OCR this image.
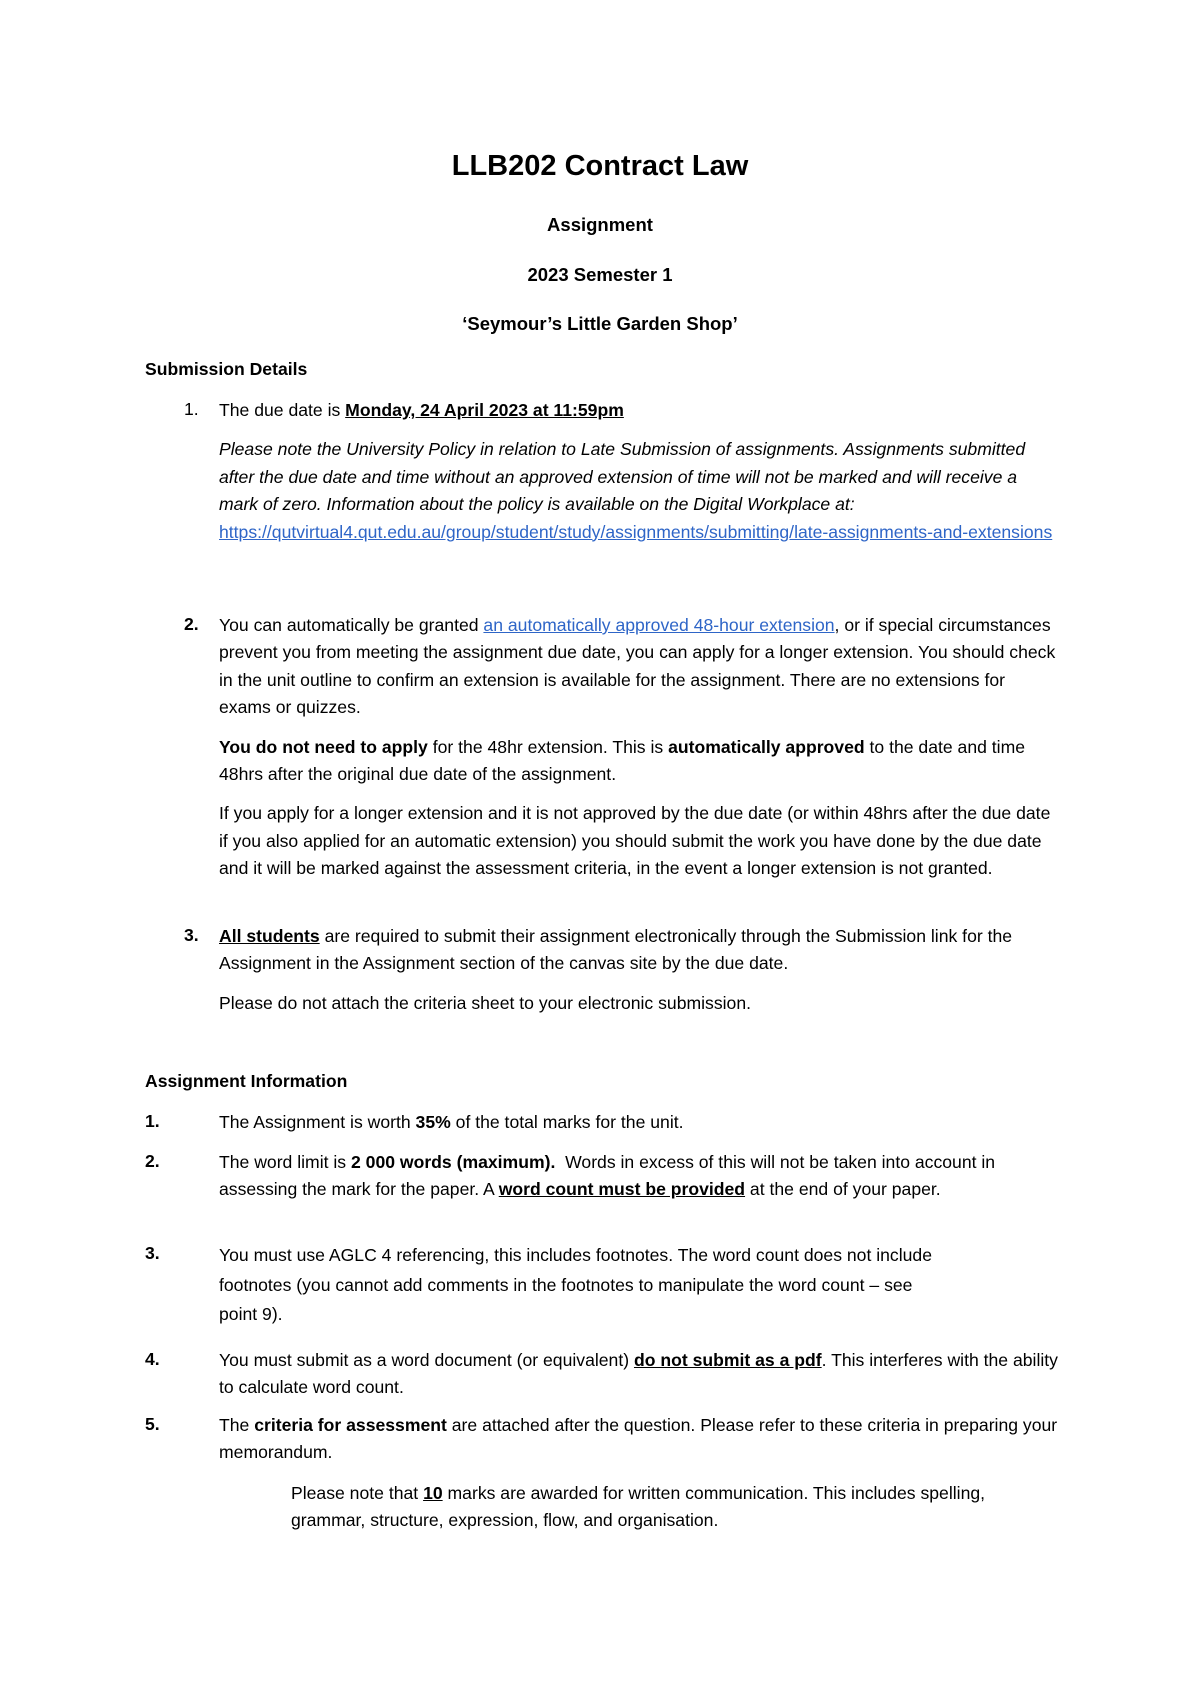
LLB202 Contract Law
Assignment
2023 Semester 1
‘Seymour’s Little Garden Shop’
Submission Details
1. The due date is Monday, 24 April 2023 at 11:59pm

Please note the University Policy in relation to Late Submission of assignments. Assignments submitted after the due date and time without an approved extension of time will not be marked and will receive a mark of zero. Information about the policy is available on the Digital Workplace at:

https://qutvirtual4.qut.edu.au/group/student/study/assignments/submitting/late-assignments-and-extensions

2. You can automatically be granted an automatically approved 48-hour extension, or if special circumstances prevent you from meeting the assignment due date, you can apply for a longer extension. You should check in the unit outline to confirm an extension is available for the assignment. There are no extensions for exams or quizzes.

You do not need to apply for the 48hr extension. This is automatically approved to the date and time 48hrs after the original due date of the assignment.

If you apply for a longer extension and it is not approved by the due date (or within 48hrs after the due date if you also applied for an automatic extension) you should submit the work you have done by the due date and it will be marked against the assessment criteria, in the event a longer extension is not granted.

3. All students are required to submit their assignment electronically through the Submission link for the Assignment in the Assignment section of the canvas site by the due date.

Please do not attach the criteria sheet to your electronic submission.

Assignment Information
1.	The Assignment is worth 35% of the total marks for the unit.

2.	The word limit is 2 000 words (maximum).  Words in excess of this will not be taken into account in assessing the mark for the paper. A word count must be provided at the end of your paper.

3.	You must use AGLC 4 referencing, this includes footnotes. The word count does not include
footnotes (you cannot add comments in the footnotes to manipulate the word count – see
point 9).
4.	You must submit as a word document (or equivalent) do not submit as a pdf. This interferes with the ability to calculate word count.

5.	The criteria for assessment are attached after the question. Please refer to these criteria in preparing your memorandum.

Please note that 10 marks are awarded for written communication. This includes spelling, grammar, structure, expression, flow, and organisation.
